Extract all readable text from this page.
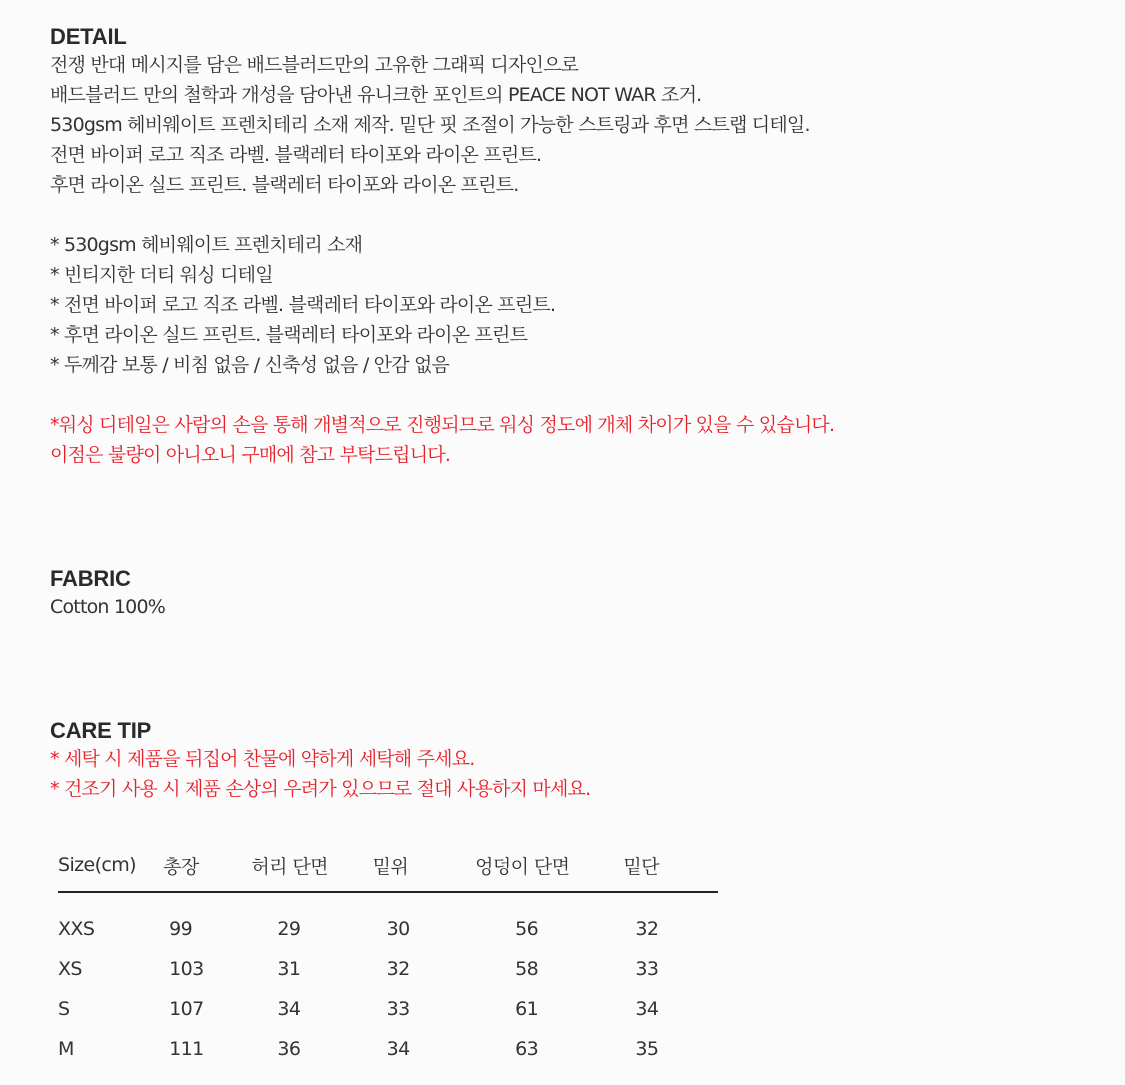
DETAIL

전쟁 반대 메시지를 담은 배드블러드만의 고유한 그래픽 디자인으로

배드블러드 만의 철학과 개성을 담아낸 유니크한 포인트의 PEACE NOT WAR 조거.

530gsm 헤비웨이트 프렌치테리 소재 제작. 밑단 핏 조절이 가능한 스트링과 후면 스트랩 디테일.

전면 바이퍼 로고 직조 라벨. 블랙레터 타이포와 라이온 프린트.

후면 라이온 실드 프린트. 블랙레터 타이포와 라이온 프린트.

* 530gsm 헤비웨이트 프렌치테리 소재

* 빈티지한 더티 워싱 디테일

* 전면 바이퍼 로고 직조 라벨. 블랙레터 타이포와 라이온 프린트.

* 후면 라이온 실드 프린트. 블랙레터 타이포와 라이온 프린트

* 두께감 보통 / 비침 없음 / 신축성 없음 / 안감 없음

*워싱 디테일은 사람의 손을 통해 개별적으로 진행되므로 워싱 정도에 개체 차이가 있을 수 있습니다.

이점은 불량이 아니오니 구매에 참고 부탁드립니다.

FABRIC

Cotton 100%

CARE TIP

* 세탁 시 제품을 뒤집어 찬물에 약하게 세탁해 주세요.

* 건조기 사용 시 제품 손상의 우려가 있으므로 절대 사용하지 마세요.

Size(cm)	총장	허리 단면	밑위	엉덩이 단면	밑단
XXS	99	29	30	56	32
XS	103	31	32	58	33
S	107	34	33	61	34
M	111	36	34	63	35
